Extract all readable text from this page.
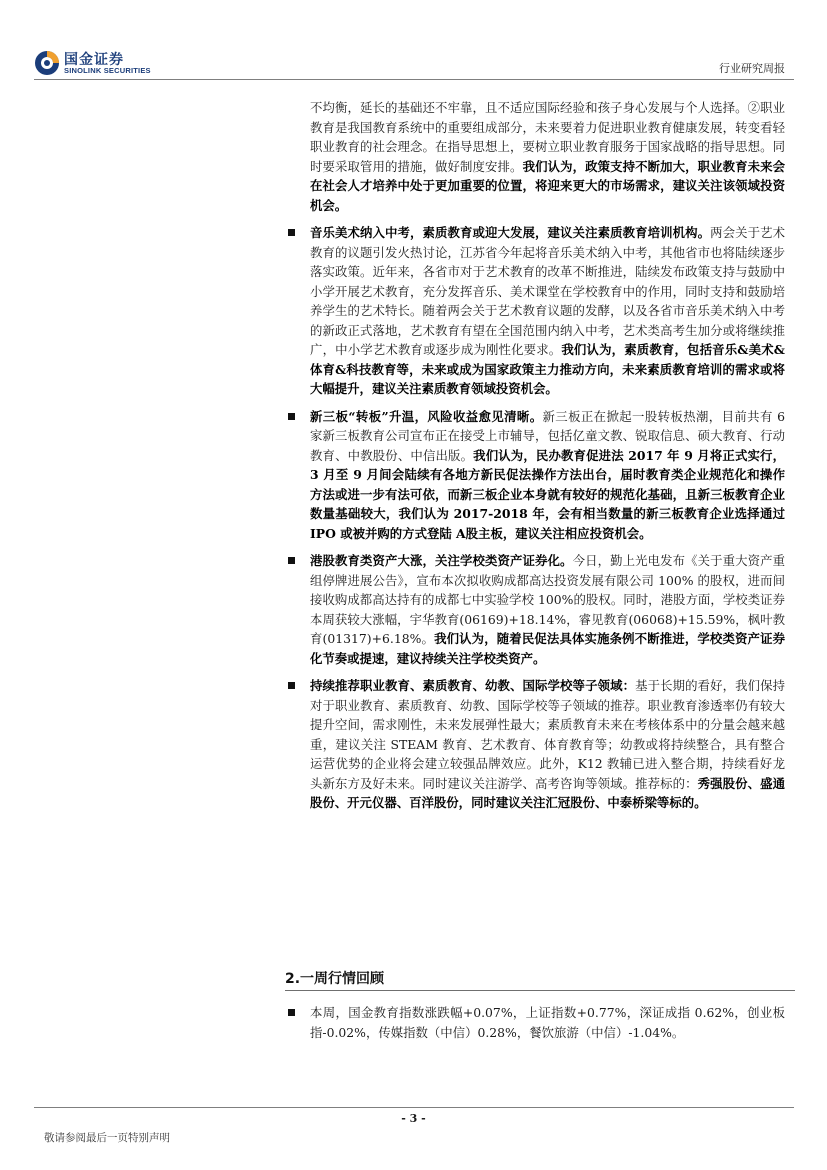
国金证券
SINOLINK SECURITIES	行业研究周报

不均衡，延长的基础还不牢靠，且不适应国际经验和孩子身心发展与个人选择。②职业教育是我国教育系统中的重要组成部分，未来要着力促进职业教育健康发展，转变看轻职业教育的社会理念。在指导思想上，要树立职业教育服务于国家战略的指导思想。同时要采取管用的措施，做好制度安排。我们认为，政策支持不断加大，职业教育未来会在社会人才培养中处于更加重要的位置，将迎来更大的市场需求，建议关注该领域投资机会。

音乐美术纳入中考，素质教育或迎大发展，建议关注素质教育培训机构。两会关于艺术教育的议题引发火热讨论，江苏省今年起将音乐美术纳入中考，其他省市也将陆续逐步落实政策。近年来，各省市对于艺术教育的改革不断推进，陆续发布政策支持与鼓励中小学开展艺术教育，充分发挥音乐、美术课堂在学校教育中的作用，同时支持和鼓励培养学生的艺术特长。随着两会关于艺术教育议题的发酵，以及各省市音乐美术纳入中考的新政正式落地，艺术教育有望在全国范围内纳入中考，艺术类高考生加分或将继续推广，中小学艺术教育或逐步成为刚性化要求。我们认为，素质教育，包括音乐&美术&体育&科技教育等，未来或成为国家政策主力推动方向，未来素质教育培训的需求或将大幅提升，建议关注素质教育领域投资机会。

新三板“转板”升温，风险收益愈见清晰。新三板正在掀起一股转板热潮，目前共有 6 家新三板教育公司宣布正在接受上市辅导，包括亿童文教、锐取信息、硕大教育、行动教育、中教股份、中信出版。我们认为，民办教育促进法 2017 年 9 月将正式实行，3 月至 9 月间会陆续有各地方新民促法操作方法出台，届时教育类企业规范化和操作方法或进一步有法可依，而新三板企业本身就有较好的规范化基础，且新三板教育企业数量基础较大，我们认为 2017-2018 年，会有相当数量的新三板教育企业选择通过 IPO 或被并购的方式登陆 A股主板，建议关注相应投资机会。

港股教育类资产大涨，关注学校类资产证券化。今日，勤上光电发布《关于重大资产重组停牌进展公告》，宣布本次拟收购成都高达投资发展有限公司 100% 的股权，进而间接收购成都高达持有的成都七中实验学校 100%的股权。同时，港股方面，学校类证券本周获较大涨幅，宇华教育(06169)+18.14%，睿见教育(06068)+15.59%，枫叶教育(01317)+6.18%。我们认为，随着民促法具体实施条例不断推进，学校类资产证券化节奏或提速，建议持续关注学校类资产。

持续推荐职业教育、素质教育、幼教、国际学校等子领域：基于长期的看好，我们保持对于职业教育、素质教育、幼教、国际学校等子领域的推荐。职业教育渗透率仍有较大提升空间，需求刚性，未来发展弹性最大；素质教育未来在考核体系中的分量会越来越重，建议关注 STEAM 教育、艺术教育、体育教育等；幼教或将持续整合，具有整合运营优势的企业将会建立较强品牌效应。此外，K12 教辅已进入整合期，持续看好龙头新东方及好未来。同时建议关注游学、高考咨询等领域。推荐标的：秀强股份、盛通股份、开元仪器、百洋股份，同时建议关注汇冠股份、中泰桥梁等标的。

2.一周行情回顾

本周，国金教育指数涨跌幅+0.07%，上证指数+0.77%，深证成指 0.62%，创业板指-0.02%，传媒指数（中信）0.28%，餐饮旅游（中信）-1.04%。

- 3 -
敬请参阅最后一页特别声明
